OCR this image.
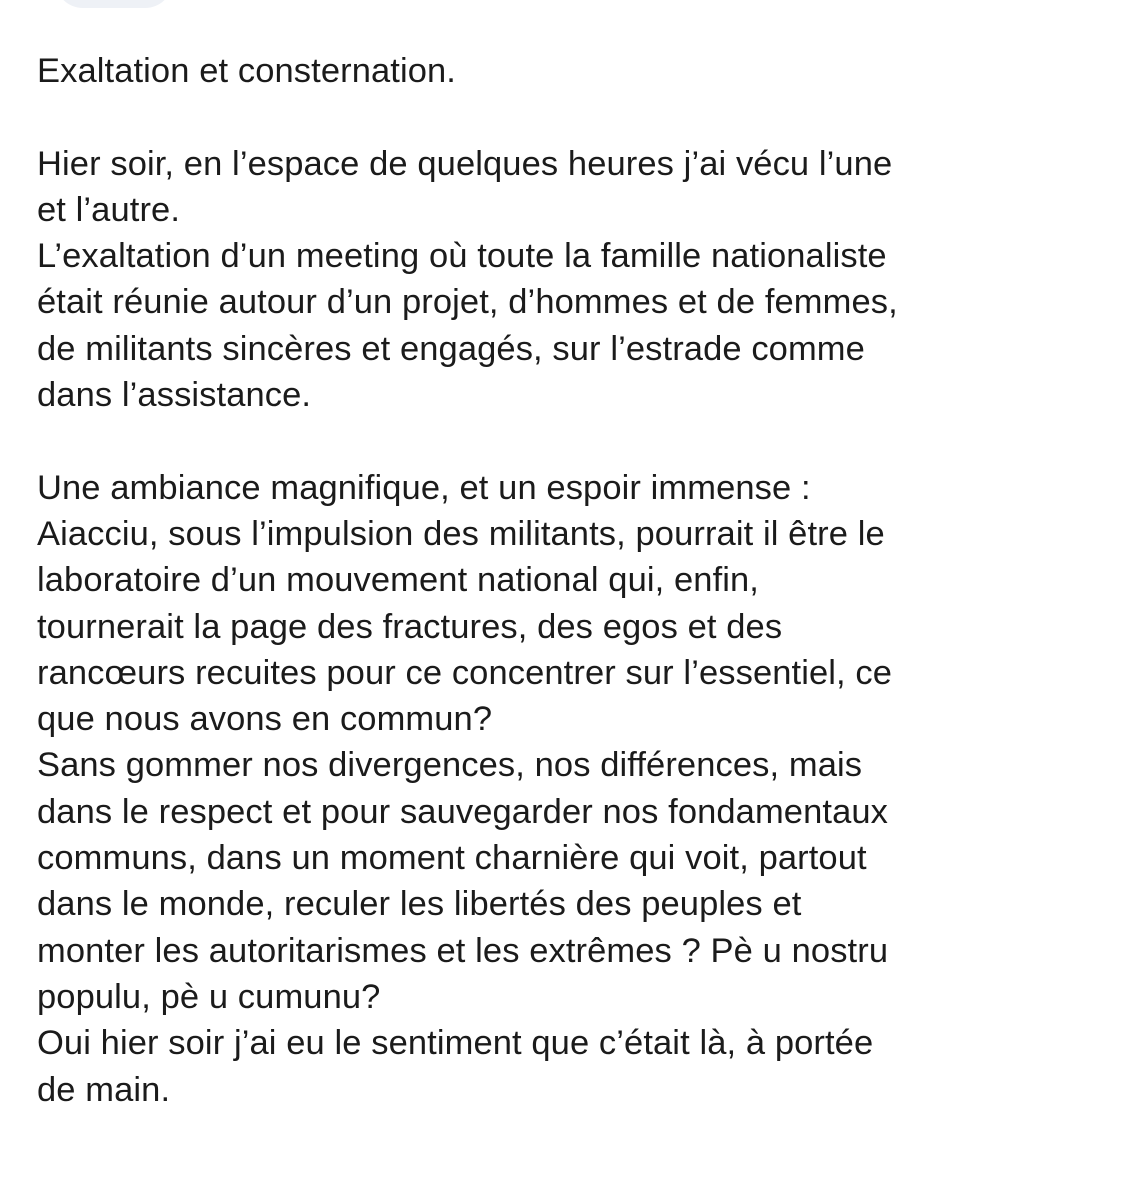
Exaltation et consternation.
Hier soir, en l’espace de quelques heures j’ai vécu l’une
et l’autre.
L’exaltation d’un meeting où toute la famille nationaliste
était réunie autour d’un projet, d’hommes et de femmes,
de militants sincères et engagés, sur l’estrade comme
dans l’assistance.
Une ambiance magnifique, et un espoir immense :
Aiacciu, sous l’impulsion des militants, pourrait il être le
laboratoire d’un mouvement national qui, enfin,
tournerait la page des fractures, des egos et des
rancœurs recuites pour ce concentrer sur l’essentiel, ce
que nous avons en commun?
Sans gommer nos divergences, nos différences, mais
dans le respect et pour sauvegarder nos fondamentaux
communs, dans un moment charnière qui voit, partout
dans le monde, reculer les libertés des peuples et
monter les autoritarismes et les extrêmes ? Pè u nostru
populu, pè u cumunu?
Oui hier soir j’ai eu le sentiment que c’était là, à portée
de main.
